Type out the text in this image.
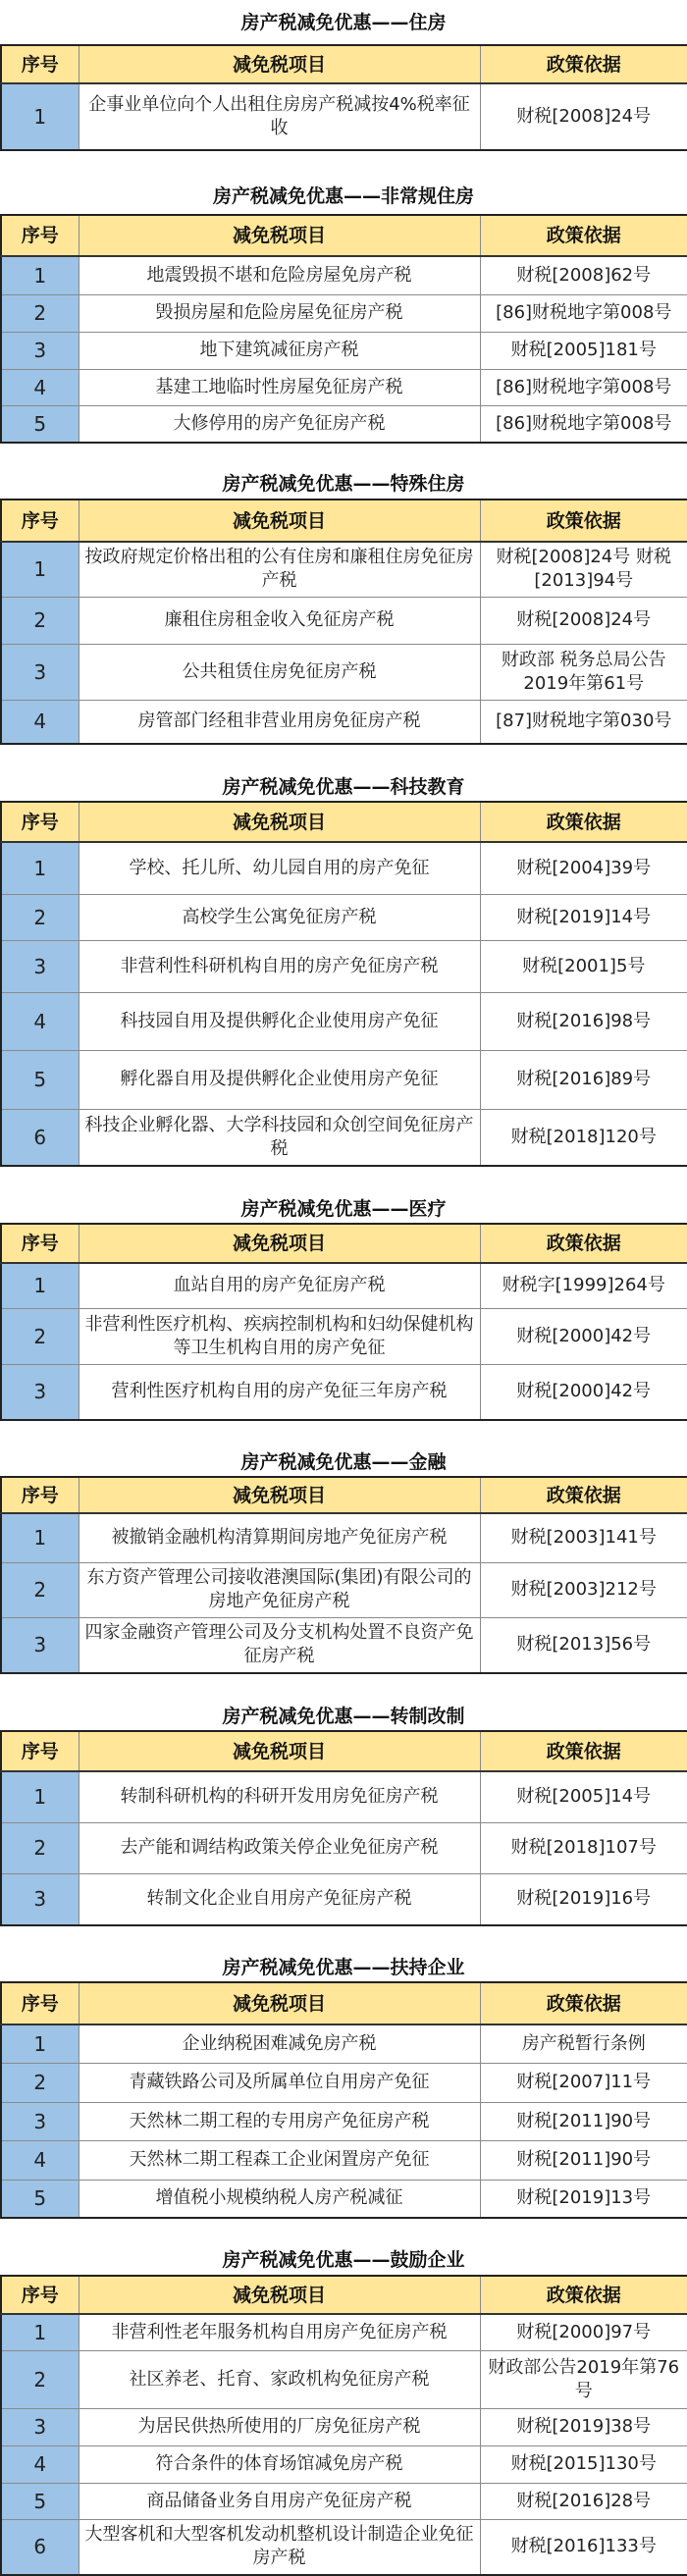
房产税减免优惠——住房
序号	减免税项目	政策依据
1	企事业单位向个人出租住房房产税减按4%税率征收	财税[2008]24号
房产税减免优惠——非常规住房
序号	减免税项目	政策依据
1	地震毁损不堪和危险房屋免房产税	财税[2008]62号
2	毁损房屋和危险房屋免征房产税	[86]财税地字第008号
3	地下建筑减征房产税	财税[2005]181号
4	基建工地临时性房屋免征房产税	[86]财税地字第008号
5	大修停用的房产免征房产税	[86]财税地字第008号
房产税减免优惠——特殊住房
序号	减免税项目	政策依据
1	按政府规定价格出租的公有住房和廉租住房免征房产税	财税[2008]24号 财税[2013]94号
2	廉租住房租金收入免征房产税	财税[2008]24号
3	公共租赁住房免征房产税	财政部 税务总局公告2019年第61号
4	房管部门经租非营业用房免征房产税	[87]财税地字第030号
房产税减免优惠——科技教育
序号	减免税项目	政策依据
1	学校、托儿所、幼儿园自用的房产免征	财税[2004]39号
2	高校学生公寓免征房产税	财税[2019]14号
3	非营利性科研机构自用的房产免征房产税	财税[2001]5号
4	科技园自用及提供孵化企业使用房产免征	财税[2016]98号
5	孵化器自用及提供孵化企业使用房产免征	财税[2016]89号
6	科技企业孵化器、大学科技园和众创空间免征房产税	财税[2018]120号
房产税减免优惠——医疗
序号	减免税项目	政策依据
1	血站自用的房产免征房产税	财税字[1999]264号
2	非营利性医疗机构、疾病控制机构和妇幼保健机构等卫生机构自用的房产免征	财税[2000]42号
3	营利性医疗机构自用的房产免征三年房产税	财税[2000]42号
房产税减免优惠——金融
序号	减免税项目	政策依据
1	被撤销金融机构清算期间房地产免征房产税	财税[2003]141号
2	东方资产管理公司接收港澳国际(集团)有限公司的房地产免征房产税	财税[2003]212号
3	四家金融资产管理公司及分支机构处置不良资产免征房产税	财税[2013]56号
房产税减免优惠——转制改制
序号	减免税项目	政策依据
1	转制科研机构的科研开发用房免征房产税	财税[2005]14号
2	去产能和调结构政策关停企业免征房产税	财税[2018]107号
3	转制文化企业自用房产免征房产税	财税[2019]16号
房产税减免优惠——扶持企业
序号	减免税项目	政策依据
1	企业纳税困难减免房产税	房产税暂行条例
2	青藏铁路公司及所属单位自用房产免征	财税[2007]11号
3	天然林二期工程的专用房产免征房产税	财税[2011]90号
4	天然林二期工程森工企业闲置房产免征	财税[2011]90号
5	增值税小规模纳税人房产税减征	财税[2019]13号
房产税减免优惠——鼓励企业
序号	减免税项目	政策依据
1	非营利性老年服务机构自用房产免征房产税	财税[2000]97号
2	社区养老、托育、家政机构免征房产税	财政部公告2019年第76号
3	为居民供热所使用的厂房免征房产税	财税[2019]38号
4	符合条件的体育场馆减免房产税	财税[2015]130号
5	商品储备业务自用房产免征房产税	财税[2016]28号
6	大型客机和大型客机发动机整机设计制造企业免征房产税	财税[2016]133号
